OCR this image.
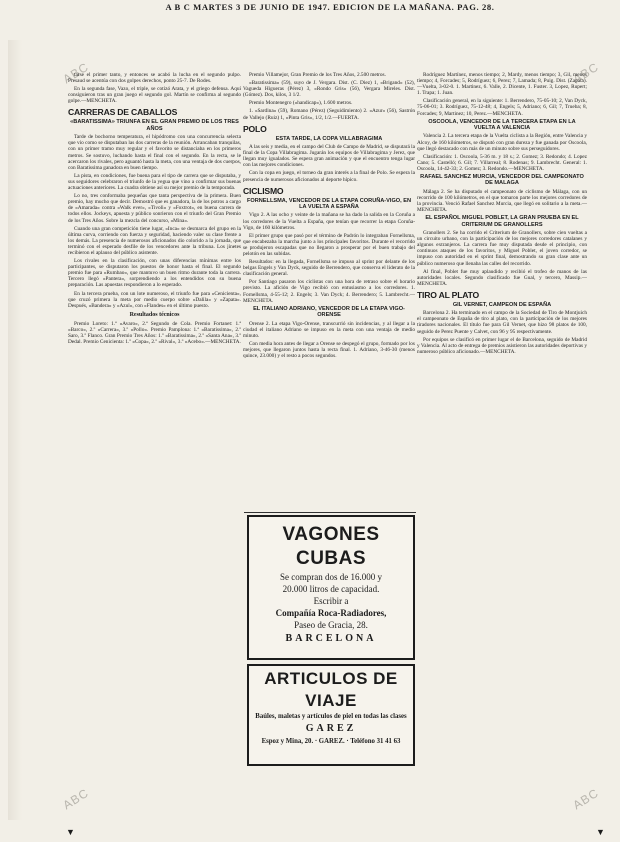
A B C MARTES 3 DE JUNIO DE 1947. EDICION DE LA MAÑANA. PAG. 28.
ABC	ABC
ABC	ABC

tarse el primer tanto, y entonces se acabó la lucha en el segundo pulpo. Presaud se acentúa con dos golpes derechos, ponto 25-7. De Rodes.

En la segunda fase, Vazo, el triple, se cotizó Arata, y el griego defensa. Aquí consiguieron tras un gran juego el segundo gol. Martín se confirma al segundo golpe.—MENCHETA.

CARRERAS DE CABALLOS
«BARATISSIMA» TRIUNFA EN EL GRAN PREMIO DE LOS TRES AÑOS

Tarde de bochorno temperatura, el hipódromo con una concurrencia selecta que vio como se disputaban las dos carreras de la reunión. Arrancaban tranquilas, con un primer tramo muy regular y el favorito se distanciaba en los primeros metros. Se sostuvo, luchando hasta el final con el segundo. En la recta, se le acercaron los rivales, pero aguantó hasta la meta, con una ventaja de dos cuerpos, con Baratissima ganadora en buen tiempo.

La pista, en condiciones, fue buena para el tipo de carrera que se disputaba, y sus seguidores celebraron el triunfo de la yegua que vino a confirmar sus buenas actuaciones anteriores. La cuadra obtiene así su mejor premio de la temporada.

Lo no, tres conformaba pequeñas que tanta perspectiva de la primera. Buen premio, hay mucho que decir. Demostró que es ganadora, la de los potros a cargo de «Amarada» contra «Walk ever», «Tivoli» y «Foxtrot», en buena carrera de todos ellos. Jockeys, apuesta y público sonrieron con el triunfo del Gran Premio de los Tres Años. Sobre la mezcla del concurso, «Mina».

Cuando una gran competición tiene lugar, «Inca» se desmarca del grupo en la última curva, corriendo con fuerza y seguridad, haciendo valer su clase frente a los demás. La presencia de numerosos aficionados dio colorido a la jornada, que terminó con el esperado desfile de los vencedores ante la tribuna. Los jinetes recibieron el aplauso del público asistente.

Los rivales en la clasificación, con unas diferencias mínimas entre los participantes, se disputaron los puestos de honor hasta el final. El segundo premio fue para «Rumbao», que mantuvo un buen ritmo durante toda la carrera. Tercero llegó «Pantera», sorprendiendo a los entendidos con su buena preparación. Las apuestas respondieron a lo esperado.

En la tercera prueba, con un lote numeroso, el triunfo fue para «Cenicienta», que cruzó primera la meta por medio cuerpo sobre «Dalila» y «Zapata». Después, «Bandera» y «Azul», con «Flandes» en el último puesto.

Resultados técnicos

Premio Loreto: 1.ª «Avaro», 2.ª Segundo de Cola. Premio Fortanet: 1.ª «Barco», 2.º «Carrera», 3.º «Pollo». Premio Pamplona: 1.ª «Baratissima», 2.º Saro, 3.º Flanco. Gran Premio Tres Años: 1.º «Baratissima», 2.º «Santa Ana», 3.º Dedal. Premio Cenicienta: 1.º «Copa», 2.º «Rival», 3.º «Acebo».—MENCHETA.

Premio Villamejor, Gran Premio de los Tres Años, 2.500 metros.

«Baratissima» (59), suyo de J. Vergara. Dist. (C. Diez) 1, «Brigand» (52), Vagueda Higueras (Pérez) 3, «Rondo Gris» (56), Vergara Mireles. Dist. (Gómez). Dos, kilos, 3 1/2.

Premio Montenegro («handicap»), 1.600 metros.

1. «Sardina» (59), Romano (Pérez) (Seguidimiento) 2. «Azur» (56), Sastrón de Vallejo (Ruiz) 1, «Pinta Gris», 1/2, 1/2.—FUERTA.

POLO
ESTA TARDE, LA COPA VILLABRAGIMA

A las seis y media, en el campo del Club de Campo de Madrid, se disputará la final de la Copa Villabragima. Jugarán los equipos de Villabragima y Jerez, que llegan muy igualados. Se espera gran animación y que el encuentro tenga lugar con las mejores condiciones.

Con la copa en juego, el torneo da gran interés a la final de Polo. Se espera la presencia de numerosos aficionados al deporte hípico.

CICLISMO
FORNELLSMA, VENCEDOR DE LA ETAPA CORUÑA-VIGO, EN LA VUELTA A ESPAÑA

Vigo 2. A las ocho y veinte de la mañana se ha dado la salida en la Coruña a los corredores de la Vuelta a España, que tenían que recorrer la etapa Coruña-Vigo, de 160 kilómetros.

El primer grupo que pasó por el término de Padrón lo integraban Fornellsma, que encabezaba la marcha junto a los principales favoritos. Durante el recorrido se produjeron escapadas que no llegaron a prosperar por el buen trabajo del pelotón en las subidas.

Resultados: en la llegada, Fornellsma se impuso al sprint por delante de los belgas Engels y Van Dyck, seguido de Berrendero, que conserva el liderato de la clasificación general.

Por Santiago pasaron los ciclistas con una hora de retraso sobre el horario previsto. La afición de Vigo recibió con entusiasmo a los corredores. 1. Fornellsma, 4-55-12; 2. Engels; 3. Van Dyck; 4. Berrendero; 5. Lambrecht.—MENCHETA.

EL ITALIANO ADRIANO, VENCEDOR DE LA ETAPA VIGO-ORENSE

Orense 2. La etapa Vigo-Orense, transcurrió sin incidencias, y al llegar a la ciudad el italiano Adriano se impuso en la meta con una ventaja de medio minuto.

Con media hora antes de llegar a Orense se despegó el grupo, formado por los mejores, que llegaron juntos hasta la recta final. 1. Adriano, 3-46-30 (menos quince, 23.000) y el resto a pocos segundos.

VAGONES CUBAS
Se compran dos de 16.000 y
20.000 litros de capacidad.
Escribir a
Compañía Roca-Radiadores,
Paseo de Gracia, 28.
BARCELONA
ARTICULOS DE VIAJE
Baúles, maletas y artículos de piel en todas las clases
GAREZ
Espoz y Mina, 20. · GAREZ. · Teléfono 31 41 63

Rodríguez Martínez, menos tiempo; 2, Mardy, menos tiempo; 3, Gil, menos tiempo; 4, Forcades; 5, Rodríguez; 6, Perez; 7, Lamada; 8, Puig. Dist. (Zapata).—Vuelta, 3-02-0. 1. Martinez, 6. Valle, 2. Dicente, 1. Fuster. 3, Lopez, Rupert; 1. Trapa; 1. Juan.

Clasificación general, en la siguiente: 1. Berrendero, 75-05-10; 2, Van Dyck, 75-06-01; 3. Rodríguez, 75-12-48; 4, Engels; 5, Adriano; 6, Gil; 7, Trueba; 8, Forcades; 9, Martinez; 10, Perez.—MENCHETA.

OSCOOLA, VENCEDOR DE LA TERCERA ETAPA EN LA VUELTA A VALENCIA

Valencia 2. La tercera etapa de la Vuelta ciclista a la Región, entre Valencia y Alcoy, de 160 kilómetros, se disputó con gran dureza y fue ganada por Oscoola, que llegó destacado con más de un minuto sobre sus perseguidores.

Clasificación: 1. Oscoola, 5-36 m. y 18 s.; 2. Gomez; 3. Redondo; 4. Lopez Cano; 5. Castelló; 6. Gil; 7. Villarreal; 8. Rodenas; 9. Lambrecht. General: 1. Oscoola, 14-42-33; 2. Gomez; 3. Redondo.—MENCHETA.

RAFAEL SANCHEZ MURCIA, VENCEDOR DEL CAMPEONATO DE MALAGA

Málaga 2. Se ha disputado el campeonato de ciclismo de Málaga, con un recorrido de 100 kilómetros, en el que tomaron parte los mejores corredores de la provincia. Venció Rafael Sanchez Murcia, que llegó en solitario a la meta.—MENCHETA.

EL ESPAÑOL MIGUEL POBLET, LA GRAN PRUEBA EN EL CRITERIUM DE GRANOLLERS

Granollers 2. Se ha corrido el Criterium de Granollers, sobre cien vueltas a un circuito urbano, con la participación de los mejores corredores catalanes y algunos extranjeros. La carrera fue muy disputada desde el principio, con continuos ataques de los favoritos, y Miguel Poblet, el joven corredor, se impuso con autoridad en el sprint final, demostrando su gran clase ante un público numeroso que llenaba las calles del recorrido.

Al final, Poblet fue muy aplaudido y recibió el trofeo de manos de las autoridades locales. Segundo clasificado fue Gual, y tercero, Massip.—MENCHETA.

TIRO AL PLATO
GIL VERNET, CAMPEON DE ESPAÑA

Barcelona 2. Ha terminado en el campo de la Sociedad de Tiro de Montjuich el campeonato de España de tiro al plato, con la participación de los mejores tiradores nacionales. El título fue para Gil Vernet, que hizo 98 platos de 100, seguido de Perez Puente y Calvet, con 96 y 95 respectivamente.

Por equipos se clasificó en primer lugar el de Barcelona, seguido de Madrid y Valencia. Al acto de entrega de premios asistieron las autoridades deportivas y numeroso público aficionado.—MENCHETA.

▼	▼
